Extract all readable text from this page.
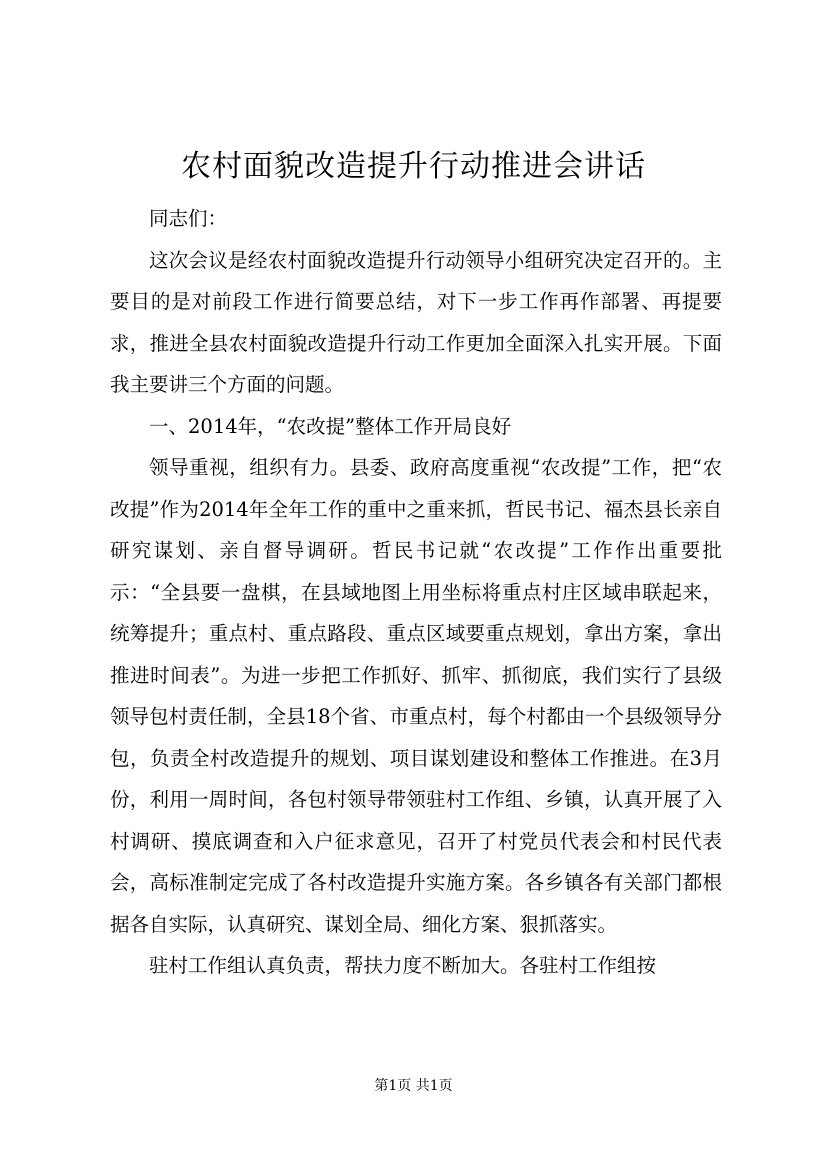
农村面貌改造提升行动推进会讲话

同志们：

这次会议是经农村面貌改造提升行动领导小组研究决定召开的。主要目的是对前段工作进行简要总结，对下一步工作再作部署、再提要求，推进全县农村面貌改造提升行动工作更加全面深入扎实开展。下面我主要讲三个方面的问题。

一、2014年，“农改提”整体工作开局良好

领导重视，组织有力。县委、政府高度重视“农改提”工作，把“农改提”作为2014年全年工作的重中之重来抓，哲民书记、福杰县长亲自研究谋划、亲自督导调研。哲民书记就“农改提”工作作出重要批示：“全县要一盘棋，在县域地图上用坐标将重点村庄区域串联起来，统筹提升；重点村、重点路段、重点区域要重点规划，拿出方案，拿出推进时间表”。为进一步把工作抓好、抓牢、抓彻底，我们实行了县级领导包村责任制，全县18个省、市重点村，每个村都由一个县级领导分包，负责全村改造提升的规划、项目谋划建设和整体工作推进。在3月份，利用一周时间，各包村领导带领驻村工作组、乡镇，认真开展了入村调研、摸底调查和入户征求意见，召开了村党员代表会和村民代表会，高标准制定完成了各村改造提升实施方案。各乡镇各有关部门都根据各自实际，认真研究、谋划全局、细化方案、狠抓落实。

驻村工作组认真负责，帮扶力度不断加大。各驻村工作组按

第1页 共1页
